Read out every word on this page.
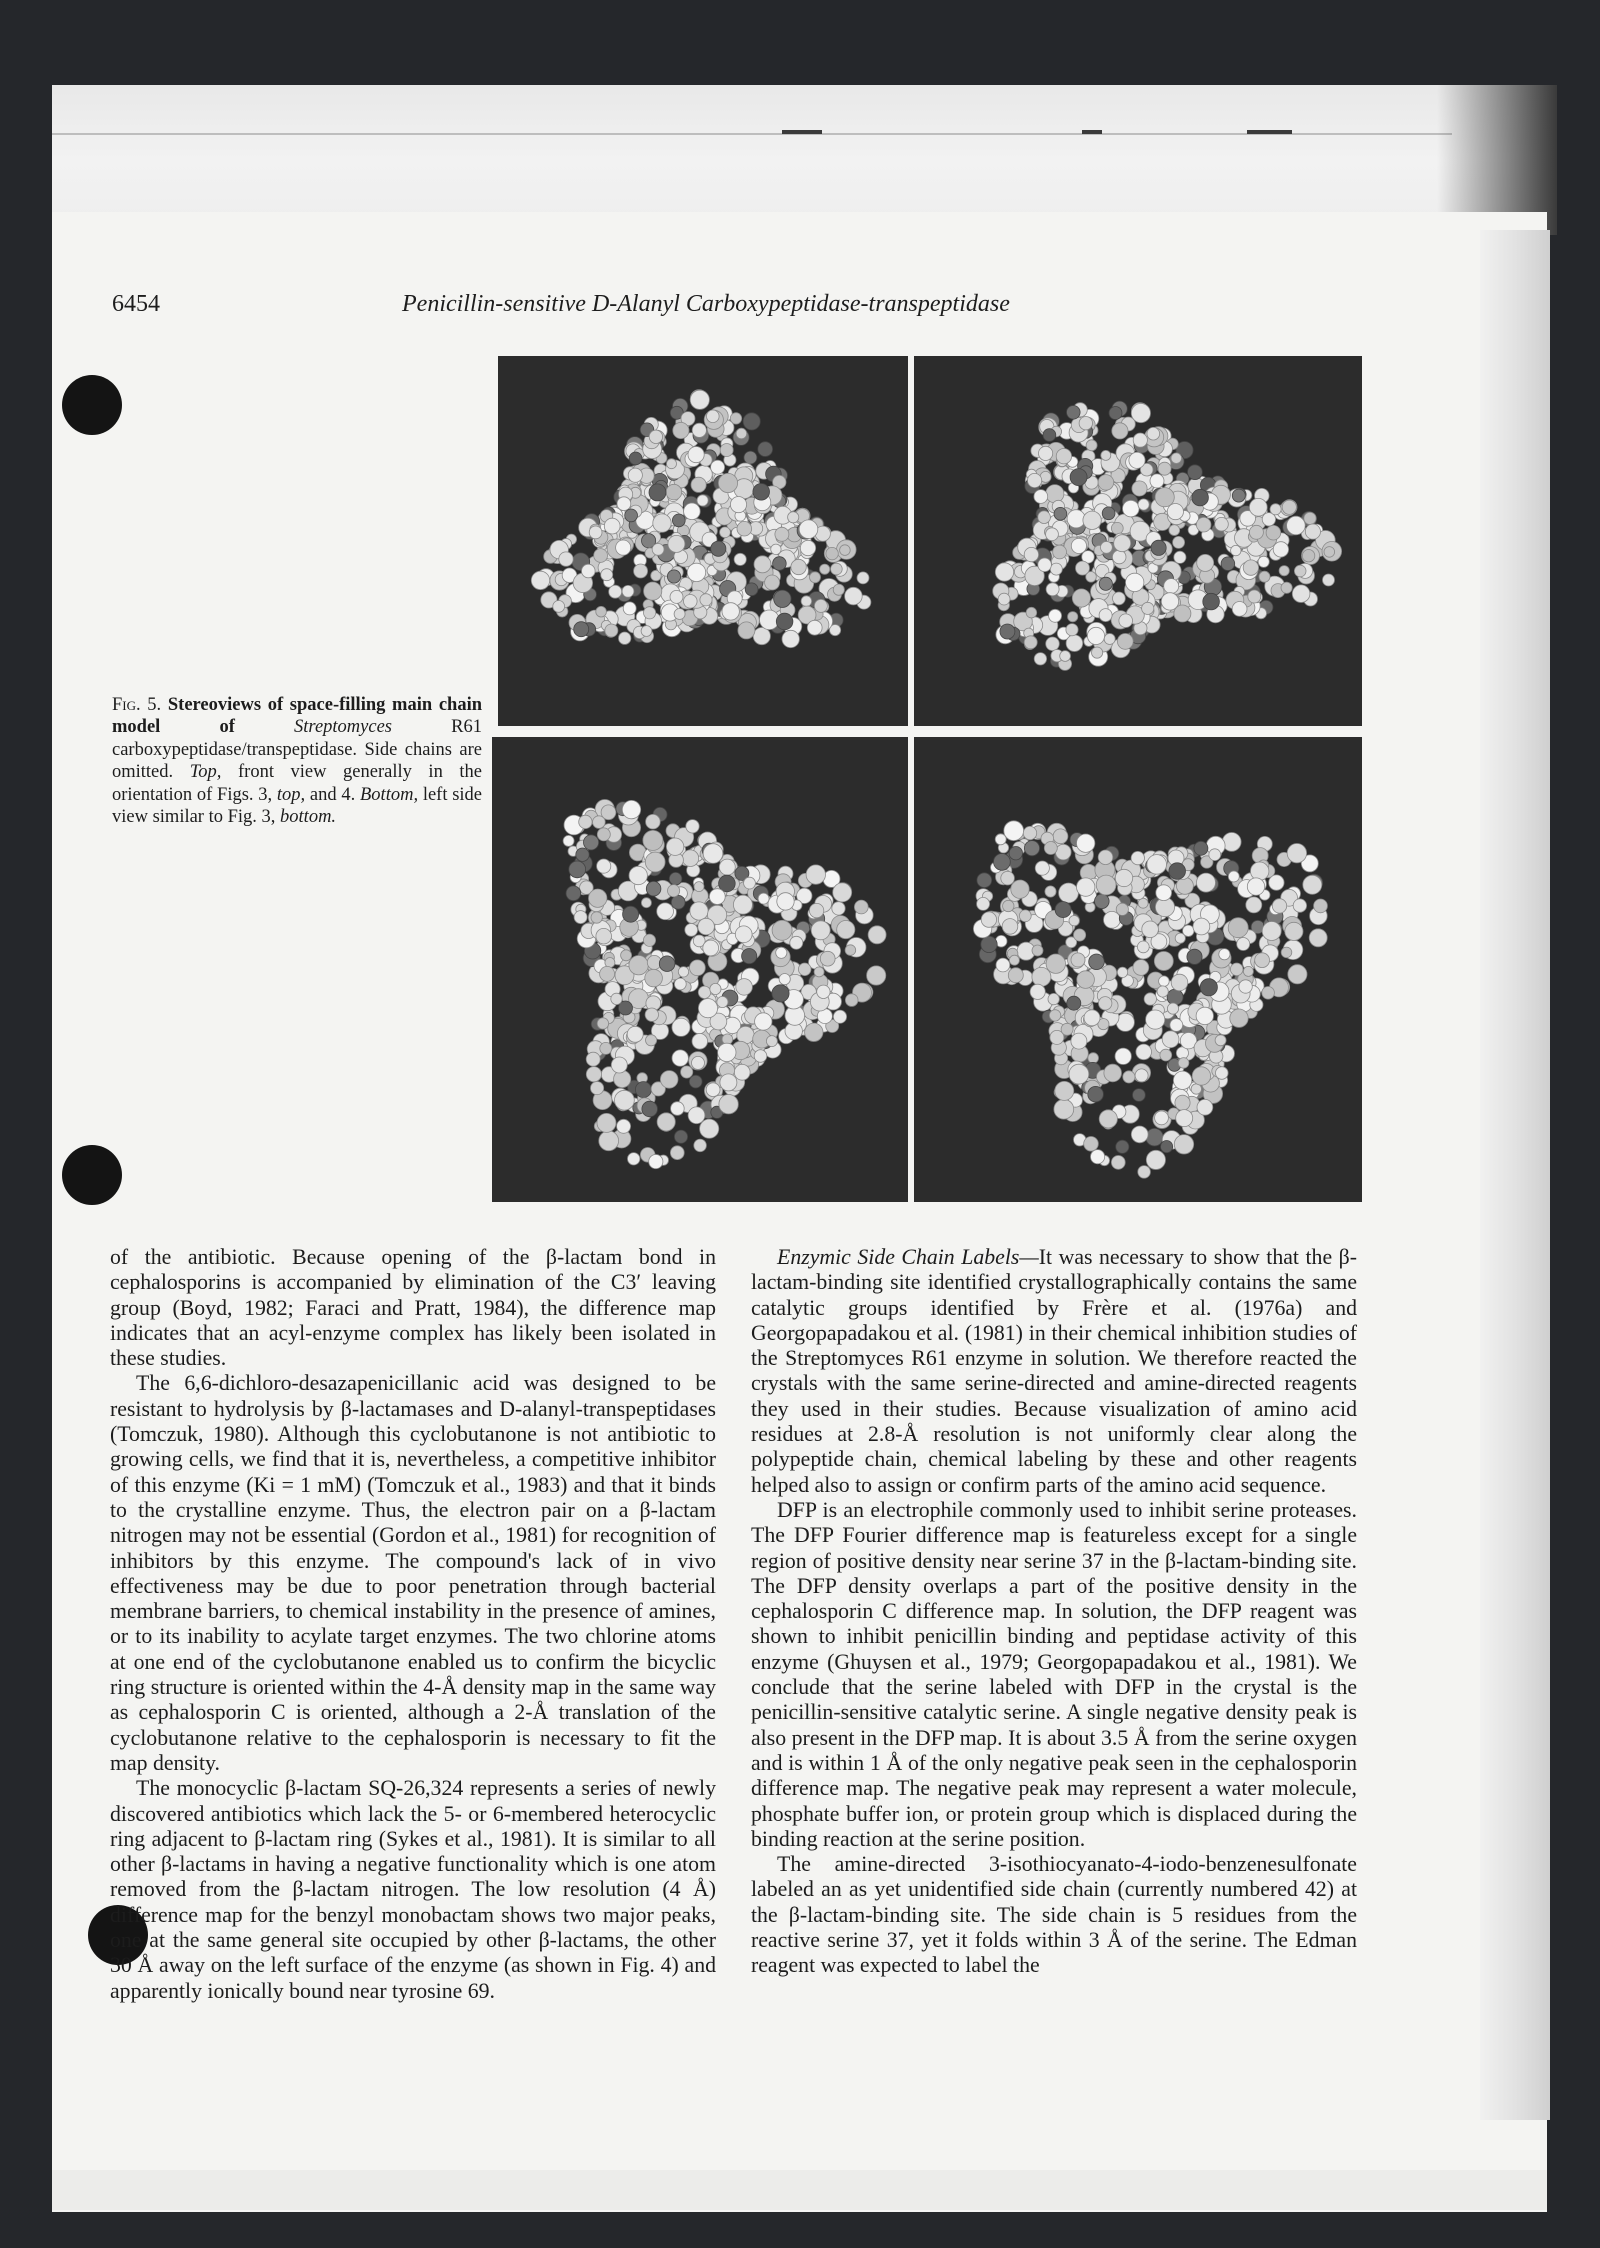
6454	Penicillin-sensitive D-Alanyl Carboxypeptidase-transpeptidase
Fig. 5. Stereoviews of space-filling main chain model of	Streptomyces	R61 carboxypeptidase/transpeptidase. Side chains are omitted. Top, front view generally in the orientation of Figs. 3, top, and 4. Bottom, left side view similar to Fig. 3, bottom.

of the antibiotic. Because opening of the β-lactam bond in cephalosporins is accompanied by elimination of the C3′ leaving group (Boyd, 1982; Faraci and Pratt, 1984), the difference map indicates that an acyl-enzyme complex has likely been isolated in these studies.

The 6,6-dichloro-desazapenicillanic acid was designed to be resistant to hydrolysis by β-lactamases and D-alanyl-transpeptidases (Tomczuk, 1980). Although this cyclobutanone is not antibiotic to growing cells, we find that it is, nevertheless, a competitive inhibitor of this enzyme (Ki = 1 mM) (Tomczuk et al., 1983) and that it binds to the crystalline enzyme. Thus, the electron pair on a β-lactam nitrogen may not be essential (Gordon et al., 1981) for recognition of inhibitors by this enzyme. The compound's lack of in vivo effectiveness may be due to poor penetration through bacterial membrane barriers, to chemical instability in the presence of amines, or to its inability to acylate target enzymes. The two chlorine atoms at one end of the cyclobutanone enabled us to confirm the bicyclic ring structure is oriented within the 4-Å density map in the same way as cephalosporin C is oriented, although a 2-Å translation of the cyclobutanone relative to the cephalosporin is necessary to fit the map density.

The monocyclic β-lactam SQ-26,324 represents a series of newly discovered antibiotics which lack the 5- or 6-membered heterocyclic ring adjacent to β-lactam ring (Sykes et al., 1981). It is similar to all other β-lactams in having a negative functionality which is one atom removed from the β-lactam nitrogen. The low resolution (4 Å) difference map for the benzyl monobactam shows two major peaks, one at the same general site occupied by other β-lactams, the other 30 Å away on the left surface of the enzyme (as shown in Fig. 4) and apparently ionically bound near tyrosine 69.

Enzymic Side Chain Labels—It was necessary to show that the β-lactam-binding site identified crystallographically contains the same catalytic groups identified by Frère et al. (1976a) and Georgopapadakou et al. (1981) in their chemical inhibition studies of the Streptomyces R61 enzyme in solution. We therefore reacted the crystals with the same serine-directed and amine-directed reagents they used in their studies. Because visualization of amino acid residues at 2.8-Å resolution is not uniformly clear along the polypeptide chain, chemical labeling by these and other reagents helped also to assign or confirm parts of the amino acid sequence.

DFP is an electrophile commonly used to inhibit serine proteases. The DFP Fourier difference map is featureless except for a single region of positive density near serine 37 in the β-lactam-binding site. The DFP density overlaps a part of the positive density in the cephalosporin C difference map. In solution, the DFP reagent was shown to inhibit penicillin binding and peptidase activity of this enzyme (Ghuysen et al., 1979; Georgopapadakou et al., 1981). We conclude that the serine labeled with DFP in the crystal is the penicillin-sensitive catalytic serine. A single negative density peak is also present in the DFP map. It is about 3.5 Å from the serine oxygen and is within 1 Å of the only negative peak seen in the cephalosporin difference map. The negative peak may represent a water molecule, phosphate buffer ion, or protein group which is displaced during the binding reaction at the serine position.

The amine-directed 3-isothiocyanato-4-iodo-benzenesulfonate labeled an as yet unidentified side chain (currently numbered 42) at the β-lactam-binding site. The side chain is 5 residues from the reactive serine 37, yet it folds within 3 Å of the serine. The Edman reagent was expected to label the
